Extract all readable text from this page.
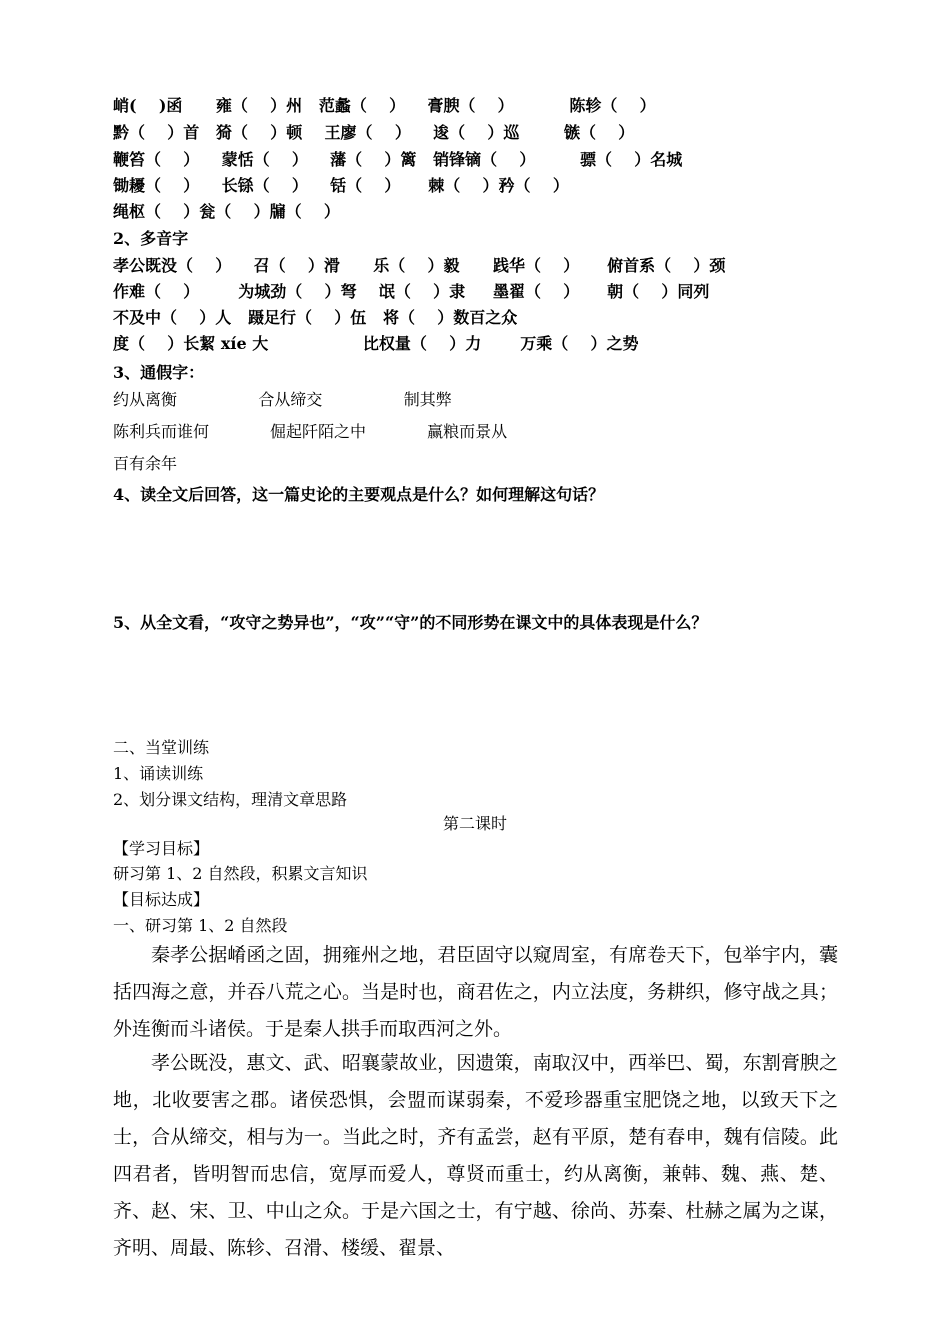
峭(    )函      雍（    ）州   范蠡（    ）    膏腴（    ）          陈轸（    ）
黔（    ）首   猗（    ）顿    王廖（    ）    逡（    ）巡        镞（    ）
鞭笞（    ）    蒙恬（    ）    藩（    ）篱   销锋镝（    ）        骠（    ）名城
锄耰（    ）    长铩（    ）    铦（    ）     棘（    ）矜（    ）
绳枢（    ）瓮（    ）牖（    ）
2、多音字
孝公既没（    ）    召（    ）滑      乐（    ）毅      践华（    ）     俯首系（    ）颈
作难（    ）       为城劲（    ）弩    氓（    ）隶     墨翟（    ）     朝（    ）同列
不及中（    ）人   蹑足行（    ）伍   将（    ）数百之众
度（    ）长絜 xíe 大                 比权量（    ）力       万乘（    ）之势
3、通假字：
约从离衡                合从缔交                制其弊
陈利兵而谁何            倔起阡陌之中            赢粮而景从
百有余年
4、读全文后回答，这一篇史论的主要观点是什么？如何理解这句话？
5、从全文看，“攻守之势异也”，“攻”“守”的不同形势在课文中的具体表现是什么？
二、当堂训练
1、诵读训练
2、划分课文结构，理清文章思路
第二课时
【学习目标】
研习第 1、2 自然段，积累文言知识
【目标达成】
一、研习第 1、2 自然段
秦孝公据崤函之固，拥雍州之地，君臣固守以窥周室，有席卷天下，包举宇内，囊括四海之意，并吞八荒之心。当是时也，商君佐之，内立法度，务耕织，修守战之具；外连衡而斗诸侯。于是秦人拱手而取西河之外。
孝公既没，惠文、武、昭襄蒙故业，因遗策，南取汉中，西举巴、蜀，东割膏腴之地，北收要害之郡。诸侯恐惧，会盟而谋弱秦，不爱珍器重宝肥饶之地，以致天下之士，合从缔交，相与为一。当此之时，齐有孟尝，赵有平原，楚有春申，魏有信陵。此四君者，皆明智而忠信，宽厚而爱人，尊贤而重士，约从离衡，兼韩、魏、燕、楚、齐、赵、宋、卫、中山之众。于是六国之士，有宁越、徐尚、苏秦、杜赫之属为之谋，齐明、周最、陈轸、召滑、楼缓、翟景、
